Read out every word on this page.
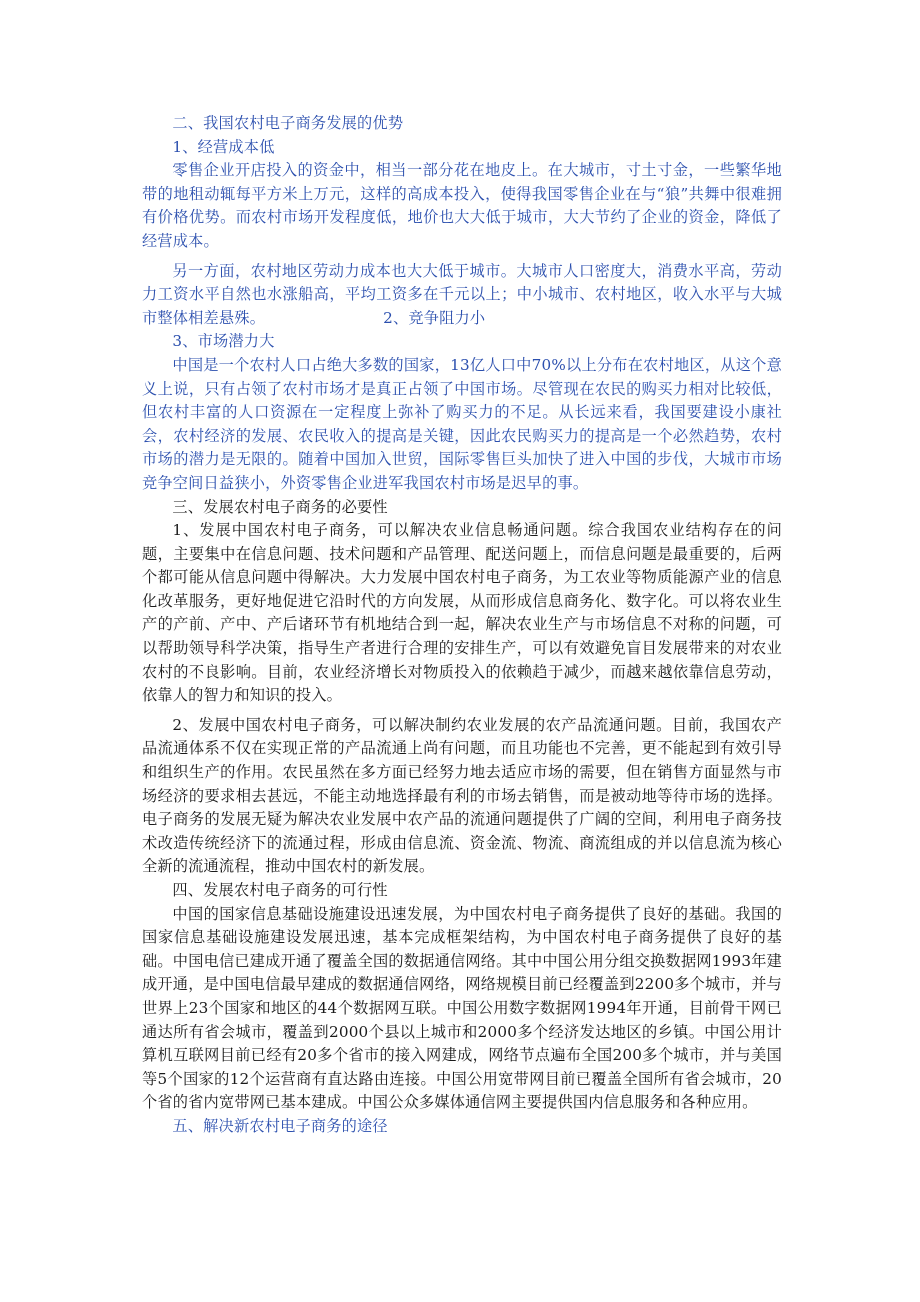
二、我国农村电子商务发展的优势

1、经营成本低

零售企业开店投入的资金中，相当一部分花在地皮上。在大城市，寸土寸金，一些繁华地带的地租动辄每平方米上万元，这样的高成本投入，使得我国零售企业在与“狼”共舞中很难拥有价格优势。而农村市场开发程度低，地价也大大低于城市，大大节约了企业的资金，降低了经营成本。

另一方面，农村地区劳动力成本也大大低于城市。大城市人口密度大，消费水平高，劳动力工资水平自然也水涨船高，平均工资多在千元以上；中小城市、农村地区，收入水平与大城市整体相差悬殊。	2、竞争阻力小

3、市场潜力大

中国是一个农村人口占绝大多数的国家，13亿人口中70%以上分布在农村地区，从这个意义上说，只有占领了农村市场才是真正占领了中国市场。尽管现在农民的购买力相对比较低，但农村丰富的人口资源在一定程度上弥补了购买力的不足。从长远来看，我国要建设小康社会，农村经济的发展、农民收入的提高是关键，因此农民购买力的提高是一个必然趋势，农村市场的潜力是无限的。随着中国加入世贸，国际零售巨头加快了进入中国的步伐，大城市市场竞争空间日益狭小，外资零售企业进军我国农村市场是迟早的事。

三、发展农村电子商务的必要性

1、发展中国农村电子商务，可以解决农业信息畅通问题。综合我国农业结构存在的问题，主要集中在信息问题、技术问题和产品管理、配送问题上，而信息问题是最重要的，后两个都可能从信息问题中得解决。大力发展中国农村电子商务，为工农业等物质能源产业的信息化改革服务，更好地促进它沿时代的方向发展，从而形成信息商务化、数字化。可以将农业生产的产前、产中、产后诸环节有机地结合到一起，解决农业生产与市场信息不对称的问题，可以帮助领导科学决策，指导生产者进行合理的安排生产，可以有效避免盲目发展带来的对农业农村的不良影响。目前，农业经济增长对物质投入的依赖趋于减少，而越来越依靠信息劳动，依靠人的智力和知识的投入。

2、发展中国农村电子商务，可以解决制约农业发展的农产品流通问题。目前，我国农产品流通体系不仅在实现正常的产品流通上尚有问题，而且功能也不完善，更不能起到有效引导和组织生产的作用。农民虽然在多方面已经努力地去适应市场的需要，但在销售方面显然与市场经济的要求相去甚远，不能主动地选择最有利的市场去销售，而是被动地等待市场的选择。电子商务的发展无疑为解决农业发展中农产品的流通问题提供了广阔的空间，利用电子商务技术改造传统经济下的流通过程，形成由信息流、资金流、物流、商流组成的并以信息流为核心全新的流通流程，推动中国农村的新发展。

四、发展农村电子商务的可行性

中国的国家信息基础设施建设迅速发展，为中国农村电子商务提供了良好的基础。我国的国家信息基础设施建设发展迅速，基本完成框架结构，为中国农村电子商务提供了良好的基础。中国电信已建成开通了覆盖全国的数据通信网络。其中中国公用分组交换数据网1993年建成开通，是中国电信最早建成的数据通信网络，网络规模目前已经覆盖到2200多个城市，并与世界上23个国家和地区的44个数据网互联。中国公用数字数据网1994年开通，目前骨干网已通达所有省会城市，覆盖到2000个县以上城市和2000多个经济发达地区的乡镇。中国公用计算机互联网目前已经有20多个省市的接入网建成，网络节点遍布全国200多个城市，并与美国等5个国家的12个运营商有直达路由连接。中国公用宽带网目前已覆盖全国所有省会城市，20个省的省内宽带网已基本建成。中国公众多媒体通信网主要提供国内信息服务和各种应用。

五、解决新农村电子商务的途径
